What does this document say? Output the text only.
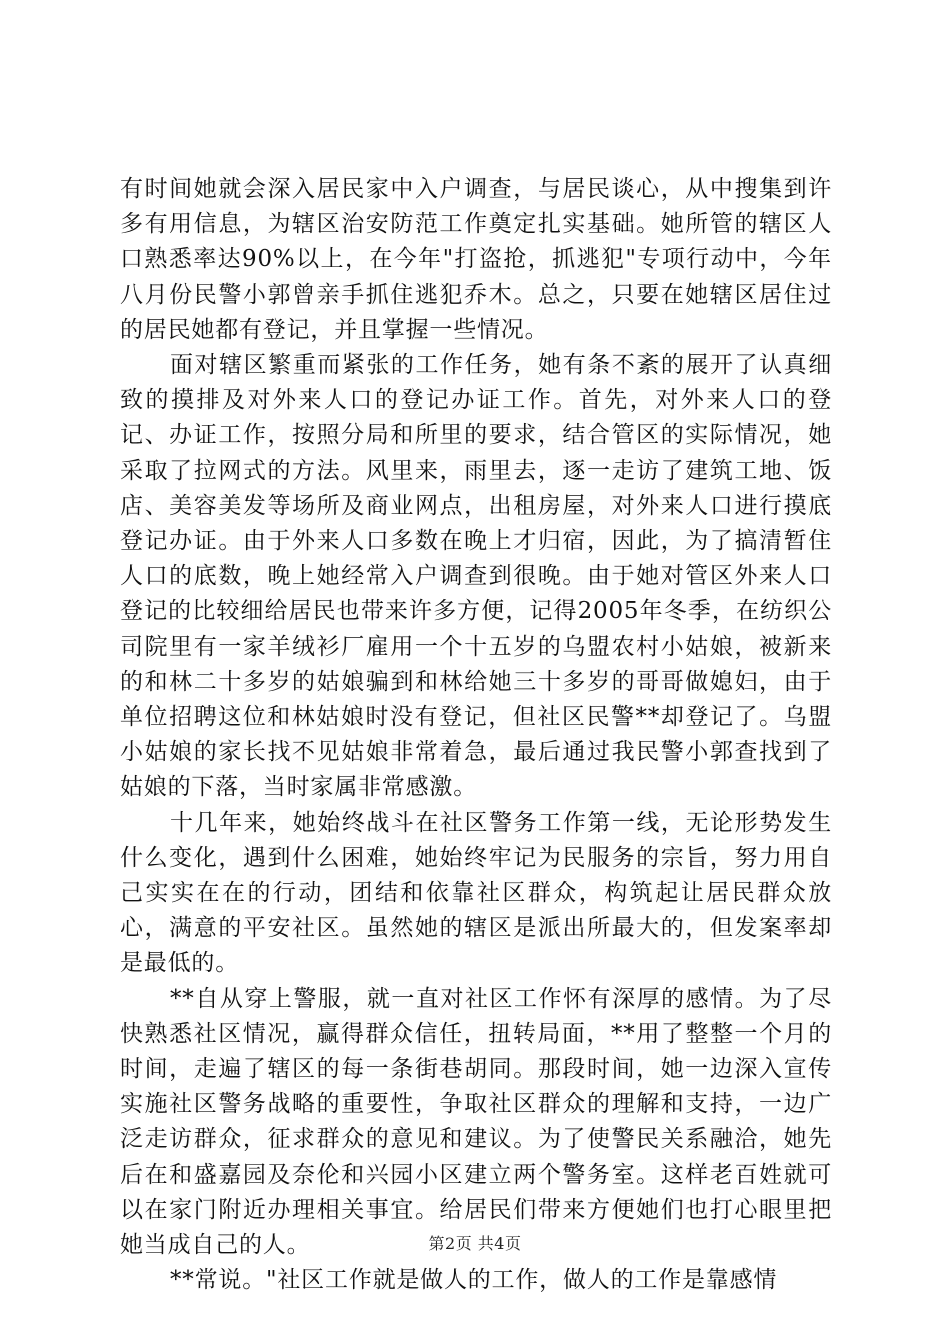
有时间她就会深入居民家中入户调查，与居民谈心，从中搜集到许多有用信息，为辖区治安防范工作奠定扎实基础。她所管的辖区人口熟悉率达90%以上，在今年"打盗抢，抓逃犯"专项行动中，今年八月份民警小郭曾亲手抓住逃犯乔木。总之，只要在她辖区居住过的居民她都有登记，并且掌握一些情况。

面对辖区繁重而紧张的工作任务，她有条不紊的展开了认真细致的摸排及对外来人口的登记办证工作。首先，对外来人口的登记、办证工作，按照分局和所里的要求，结合管区的实际情况，她采取了拉网式的方法。风里来，雨里去，逐一走访了建筑工地、饭店、美容美发等场所及商业网点，出租房屋，对外来人口进行摸底登记办证。由于外来人口多数在晚上才归宿，因此，为了搞清暂住人口的底数，晚上她经常入户调查到很晚。由于她对管区外来人口登记的比较细给居民也带来许多方便，记得2005年冬季，在纺织公司院里有一家羊绒衫厂雇用一个十五岁的乌盟农村小姑娘，被新来的和林二十多岁的姑娘骗到和林给她三十多岁的哥哥做媳妇，由于单位招聘这位和林姑娘时没有登记，但社区民警**却登记了。乌盟小姑娘的家长找不见姑娘非常着急，最后通过我民警小郭查找到了姑娘的下落，当时家属非常感激。

十几年来，她始终战斗在社区警务工作第一线，无论形势发生什么变化，遇到什么困难，她始终牢记为民服务的宗旨，努力用自己实实在在的行动，团结和依靠社区群众，构筑起让居民群众放心，满意的平安社区。虽然她的辖区是派出所最大的，但发案率却是最低的。

**自从穿上警服，就一直对社区工作怀有深厚的感情。为了尽快熟悉社区情况，赢得群众信任，扭转局面，**用了整整一个月的时间，走遍了辖区的每一条街巷胡同。那段时间，她一边深入宣传实施社区警务战略的重要性，争取社区群众的理解和支持，一边广泛走访群众，征求群众的意见和建议。为了使警民关系融洽，她先后在和盛嘉园及奈伦和兴园小区建立两个警务室。这样老百姓就可以在家门附近办理相关事宜。给居民们带来方便她们也打心眼里把她当成自己的人。

**常说。"社区工作就是做人的工作，做人的工作是靠感情

第2页 共4页
